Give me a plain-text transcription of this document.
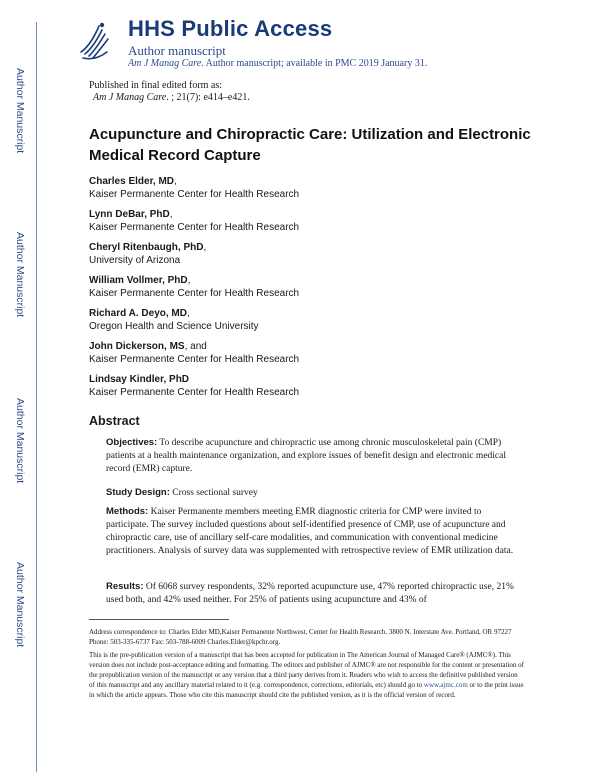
Author Manuscript
Author Manuscript
Author Manuscript
Author Manuscript
HHS Public Access
Author manuscript
Am J Manag Care. Author manuscript; available in PMC 2019 January 31.
Published in final edited form as:
Am J Manag Care. ; 21(7): e414–e421.
Acupuncture and Chiropractic Care: Utilization and Electronic Medical Record Capture
Charles Elder, MD,
Kaiser Permanente Center for Health Research
Lynn DeBar, PhD,
Kaiser Permanente Center for Health Research
Cheryl Ritenbaugh, PhD,
University of Arizona
William Vollmer, PhD,
Kaiser Permanente Center for Health Research
Richard A. Deyo, MD,
Oregon Health and Science University
John Dickerson, MS, and
Kaiser Permanente Center for Health Research
Lindsay Kindler, PhD
Kaiser Permanente Center for Health Research
Abstract
Objectives: To describe acupuncture and chiropractic use among chronic musculoskeletal pain (CMP) patients at a health maintenance organization, and explore issues of benefit design and electronic medical record (EMR) capture.
Study Design: Cross sectional survey
Methods: Kaiser Permanente members meeting EMR diagnostic criteria for CMP were invited to participate. The survey included questions about self-identified presence of CMP, use of acupuncture and chiropractic care, use of ancillary self-care modalities, and communication with conventional medicine practitioners. Analysis of survey data was supplemented with retrospective review of EMR utilization data.
Results: Of 6068 survey respondents, 32% reported acupuncture use, 47% reported chiropractic use, 21% used both, and 42% used neither. For 25% of patients using acupuncture and 43% of
Address correspondence to: Charles Elder MD,Kaiser Permanente Northwest, Center for Health Research. 3800 N. Interstate Ave. Portland, OR 97227 Phone: 503-335-6737 Fax: 503-788-6009 Charles.Elder@kpchr.org.
This is the pre-publication version of a manuscript that has been accepted for publication in The American Journal of Managed Care® (AJMC®). This version does not include post-acceptance editing and formatting. The editors and publisher of AJMC® are not responsible for the content or presentation of the prepublication version of the manuscript or any version that a third party derives from it. Readers who wish to access the definitive published version of this manuscript and any ancillary material related to it (e.g. correspondence, corrections, editorials, etc) should go to www.ajmc.com or to the print issue in which the article appears. Those who cite this manuscript should cite the published version, as it is the official version of record.
